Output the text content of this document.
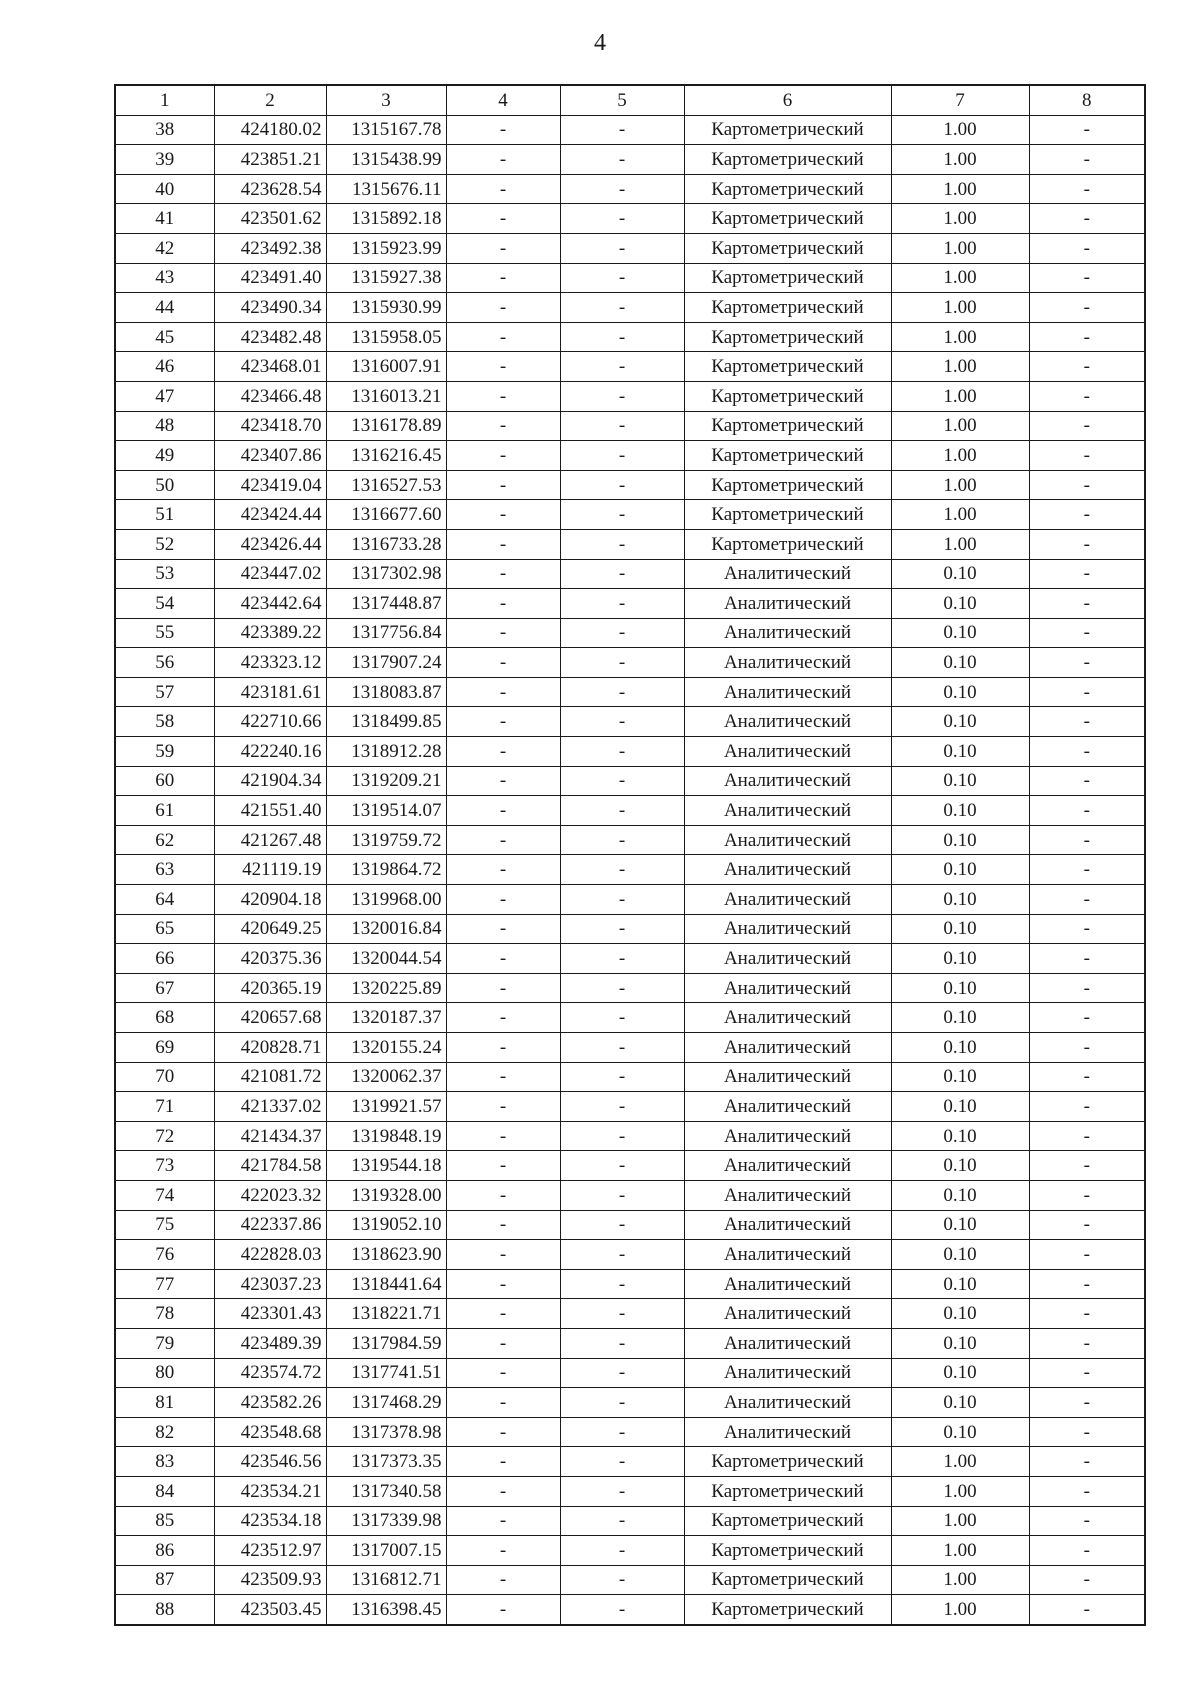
4
1	2	3	4	5	6	7	8
38	424180.02	1315167.78	-	-	Картометрический	1.00	-
39	423851.21	1315438.99	-	-	Картометрический	1.00	-
40	423628.54	1315676.11	-	-	Картометрический	1.00	-
41	423501.62	1315892.18	-	-	Картометрический	1.00	-
42	423492.38	1315923.99	-	-	Картометрический	1.00	-
43	423491.40	1315927.38	-	-	Картометрический	1.00	-
44	423490.34	1315930.99	-	-	Картометрический	1.00	-
45	423482.48	1315958.05	-	-	Картометрический	1.00	-
46	423468.01	1316007.91	-	-	Картометрический	1.00	-
47	423466.48	1316013.21	-	-	Картометрический	1.00	-
48	423418.70	1316178.89	-	-	Картометрический	1.00	-
49	423407.86	1316216.45	-	-	Картометрический	1.00	-
50	423419.04	1316527.53	-	-	Картометрический	1.00	-
51	423424.44	1316677.60	-	-	Картометрический	1.00	-
52	423426.44	1316733.28	-	-	Картометрический	1.00	-
53	423447.02	1317302.98	-	-	Аналитический	0.10	-
54	423442.64	1317448.87	-	-	Аналитический	0.10	-
55	423389.22	1317756.84	-	-	Аналитический	0.10	-
56	423323.12	1317907.24	-	-	Аналитический	0.10	-
57	423181.61	1318083.87	-	-	Аналитический	0.10	-
58	422710.66	1318499.85	-	-	Аналитический	0.10	-
59	422240.16	1318912.28	-	-	Аналитический	0.10	-
60	421904.34	1319209.21	-	-	Аналитический	0.10	-
61	421551.40	1319514.07	-	-	Аналитический	0.10	-
62	421267.48	1319759.72	-	-	Аналитический	0.10	-
63	421119.19	1319864.72	-	-	Аналитический	0.10	-
64	420904.18	1319968.00	-	-	Аналитический	0.10	-
65	420649.25	1320016.84	-	-	Аналитический	0.10	-
66	420375.36	1320044.54	-	-	Аналитический	0.10	-
67	420365.19	1320225.89	-	-	Аналитический	0.10	-
68	420657.68	1320187.37	-	-	Аналитический	0.10	-
69	420828.71	1320155.24	-	-	Аналитический	0.10	-
70	421081.72	1320062.37	-	-	Аналитический	0.10	-
71	421337.02	1319921.57	-	-	Аналитический	0.10	-
72	421434.37	1319848.19	-	-	Аналитический	0.10	-
73	421784.58	1319544.18	-	-	Аналитический	0.10	-
74	422023.32	1319328.00	-	-	Аналитический	0.10	-
75	422337.86	1319052.10	-	-	Аналитический	0.10	-
76	422828.03	1318623.90	-	-	Аналитический	0.10	-
77	423037.23	1318441.64	-	-	Аналитический	0.10	-
78	423301.43	1318221.71	-	-	Аналитический	0.10	-
79	423489.39	1317984.59	-	-	Аналитический	0.10	-
80	423574.72	1317741.51	-	-	Аналитический	0.10	-
81	423582.26	1317468.29	-	-	Аналитический	0.10	-
82	423548.68	1317378.98	-	-	Аналитический	0.10	-
83	423546.56	1317373.35	-	-	Картометрический	1.00	-
84	423534.21	1317340.58	-	-	Картометрический	1.00	-
85	423534.18	1317339.98	-	-	Картометрический	1.00	-
86	423512.97	1317007.15	-	-	Картометрический	1.00	-
87	423509.93	1316812.71	-	-	Картометрический	1.00	-
88	423503.45	1316398.45	-	-	Картометрический	1.00	-
